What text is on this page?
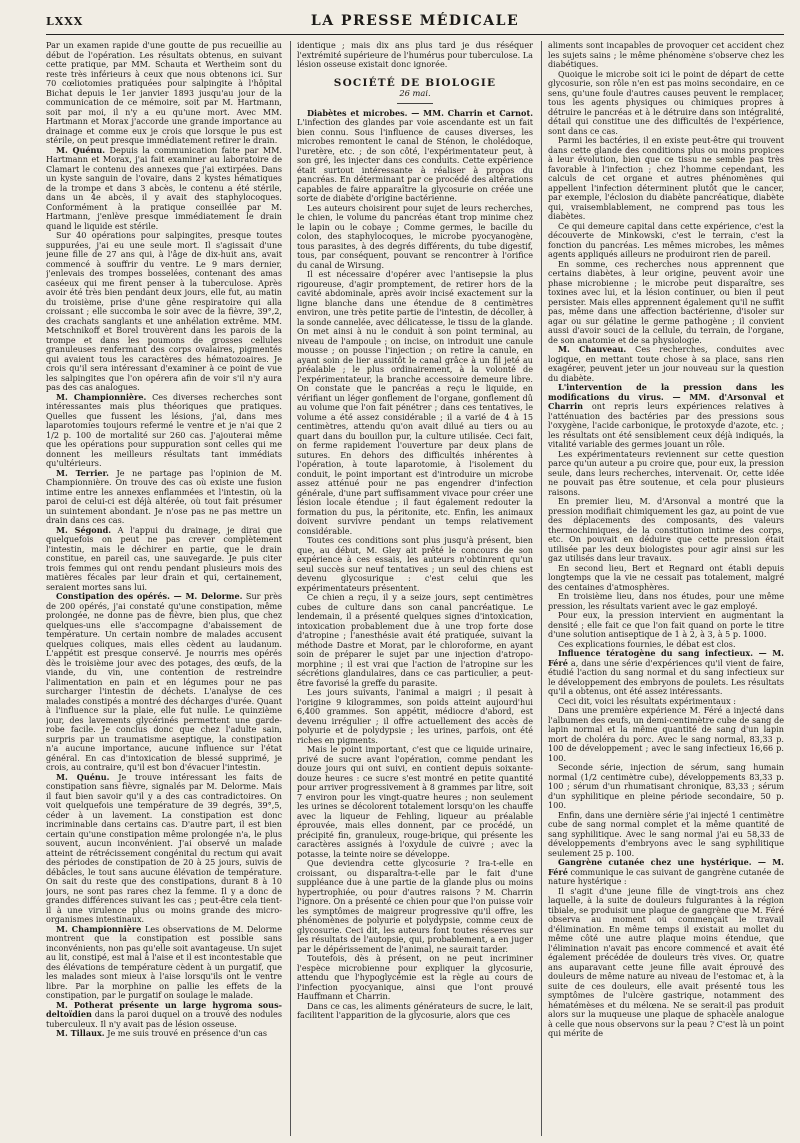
LXXX	LA PRESSE MÉDICALE

Par un examen rapide d'une goutte de pus recueillie au début de l'opération. Les résultats obtenus, en suivant cette pratique, par MM. Schauta et Wertheim sont du reste très inférieurs à ceux que nous obtenons ici. Sur 70 cœliotomies pratiquées pour salpingite à l'hôpital Bichat depuis le 1er janvier 1893 jusqu'au jour de la communication de ce mémoire, soit par M. Hartmann, soit par moi, il n'y a eu qu'une mort. Avec MM. Hartmann et Morax j'accorde une grande importance au drainage et comme eux je crois que lorsque le pus est stérile, on peut presque immédiatement retirer le drain.

M. Quénu. Depuis la communication faite par MM. Hartmann et Morax, j'ai fait examiner au laboratoire de Clamart le contenu des annexes que j'ai extirpées. Dans un kyste sanguin de l'ovaire, dans 2 kystes hématiques de la trompe et dans 3 abcès, le contenu a été stérile, dans un 4e abcès, il y avait des staphylocoques. Conformément à la pratique conseillée par M. Hartmann, j'enlève presque immédiatement le drain quand le liquide est stérile.

Sur 40 opérations pour salpingites, presque toutes suppurées, j'ai eu une seule mort. Il s'agissait d'une jeune fille de 27 ans qui, à l'âge de dix-huit ans, avait commencé à souffrir du ventre. Le 9 mars dernier, j'enlevais des trompes bosselées, contenant des amas caséeux qui me firent penser à la tuberculose. Après avoir été très bien pendant deux jours, elle fut, au matin du troisième, prise d'une gêne respiratoire qui alla croissant ; elle succomba le soir avec de la fièvre, 39°,2, des crachats sanglants et une anhélation extrême. MM. Metschnikoff et Borel trouvèrent dans les parois de la trompe et dans les poumons de grosses cellules granuleuses renfermant des corps ovalaires, pigmentés qui avaient tous les caractères des hématozoaires. Je crois qu'il sera intéressant d'examiner à ce point de vue les salpingites que l'on opérera afin de voir s'il n'y aura pas des cas analogues.

M. Championnière. Ces diverses recherches sont intéressantes mais plus théoriques que pratiques. Quelles que fussent les lésions, j'ai, dans mes laparotomies toujours refermé le ventre et je n'ai que 2 1/2 p. 100 de mortalité sur 260 cas. J'ajouterai même que les opérations pour suppuration sont celles qui me donnent les meilleurs résultats tant immédiats qu'ultérieurs.

M. Terrier. Je ne partage pas l'opinion de M. Championnière. On trouve des cas où existe une fusion intime entre les annexes enflammées et l'intestin, où la paroi de celui-ci est déjà altérée, où tout fait présumer un suintement abondant. Je n'ose pas ne pas mettre un drain dans ces cas.

M. Ségond. A l'appui du drainage, je dirai que quelquefois on peut ne pas crever complètement l'intestin, mais le déchirer en partie, que le drain constitue, en pareil cas, une sauvegarde. Je puis citer trois femmes qui ont rendu pendant plusieurs mois des matières fécales par leur drain et qui, certainement, seraient mortes sans lui.

Constipation des opérés. — M. Delorme. Sur près de 200 opérés, j'ai constaté qu'une constipation, même prolongée, ne donne pas de fièvre, bien plus, que chez quelques-uns elle s'accompagne d'abaissement de température. Un certain nombre de malades accusent quelques coliques, mais elles cèdent au laudanum. L'appétit est presque conservé. Je nourris mes opérés dès le troisième jour avec des potages, des œufs, de la viande, du vin, une contention de restreindre l'alimentation en pain et en légumes pour ne pas surcharger l'intestin de déchets. L'analyse de ces malades constipés a montré des décharges d'urée. Quant à l'influence sur la plaie, elle fut nulle. Le quinzième jour, des lavements glycérinés permettent une garde-robe facile. Je conclus donc que chez l'adulte sain, surpris par un traumatisme aseptique, la constipation n'a aucune importance, aucune influence sur l'état général. En cas d'intoxication de blessé supprimé, je crois, au contraire, qu'il est bon d'évacuer l'intestin.

M. Quénu. Je trouve intéressant les faits de constipation sans fièvre, signalés par M. Delorme. Mais il faut bien savoir qu'il y a des cas contradictoires. On voit quelquefois une température de 39 degrés, 39°,5, céder à un lavement. La constipation est donc incriminable dans certains cas. D'autre part, il est bien certain qu'une constipation même prolongée n'a, le plus souvent, aucun inconvénient. J'ai observé un malade atteint de rétrécissement congénital du rectum qui avait des périodes de constipation de 20 à 25 jours, suivis de débâcles, le tout sans aucune élévation de température. On sait du reste que des constipations, durant 8 à 10 jours, ne sont pas rares chez la femme. Il y a donc de grandes différences suivant les cas ; peut-être cela tient-il à une virulence plus ou moins grande des micro-organismes intestinaux.

M. Championnière Les observations de M. Delorme montrent que la constipation est possible sans inconvénients, non pas qu'elle soit avantageuse. Un sujet au lit, constipé, est mal à l'aise et il est incontestable que des élévations de température cèdent à un purgatif, que les malades sont mieux à l'aise lorsqu'ils ont le ventre libre. Par la morphine on pallie les effets de la constipation, par le purgatif on soulage le malade.

M. Potherat présente un large hygroma sous-deltoïdien dans la paroi duquel on a trouvé des nodules tuberculeux. Il n'y avait pas de lésion osseuse.

M. Tillaux. Je me suis trouvé en présence d'un cas

identique ; mais dix ans plus tard je dus réséquer l'extrémité supérieure de l'humérus pour tuberculose. La lésion osseuse existait donc ignorée.

SOCIÉTÉ DE BIOLOGIE
26 mai.

Diabètes et microbes. — MM. Charrin et Carnot. L'infection des glandes par voie ascendante est un fait bien connu. Sous l'influence de causes diverses, les microbes remontent le canal de Sténon, le cholédoque, l'uretère, etc. ; de son côté, l'expérimentateur peut, à son gré, les injecter dans ces conduits. Cette expérience était surtout intéressante à réaliser à propos du pancréas. En déterminant par ce procédé des altérations capables de faire apparaître la glycosurie on créée une sorte de diabète d'origine bactérienne.

Les auteurs choisirent pour sujet de leurs recherches, le chien, le volume du pancréas étant trop minime chez le lapin ou le cobaye ; Comme germes, le bacille du colon, des staphylocoques, le microbe pyocyanogène, tous parasites, à des degrés différents, du tube digestif, tous, par conséquent, pouvant se rencontrer à l'orifice du canal de Wirsung.

Il est nécessaire d'opérer avec l'antisepsie la plus rigoureuse, d'agir promptement, de retirer hors de la cavité abdominale, après avoir incisé exactement sur la ligne blanche dans une étendue de 8 centimètres environ, une très petite partie de l'intestin, de décoller, à la sonde cannelée, avec délicatesse, le tissu de la glande. On met ainsi à nu le conduit à son point terminal, au niveau de l'ampoule ; on incise, on introduit une canule mousse ; on pousse l'injection ; on retire la canule, en ayant soin de lier aussitôt le canal grâce à un fil jeté au préalable ; le plus ordinairement, à la volonté de l'expérimentateur, la branche accessoire demeure libre. On constate que le pancréas a reçu le liquide, en vérifiant un léger gonflement de l'organe, gonflement dû au volume que l'on fait pénétrer ; dans ces tentatives, le volume a été assez considérable ; il a varié de 4 à 15 centimètres, attendu qu'on avait dilué au tiers ou au quart dans du bouillon pur, la culture utilisée. Ceci fait, on ferme rapidement l'ouverture par deux plans de sutures. En dehors des difficultés inhérentes à l'opération, à toute laparotomie, à l'isolement du conduit, le point important est d'introduire un microbe assez atténué pour ne pas engendrer d'infection générale, d'une part suffisamment vivace pour créer une lésion locale étendue ; il faut également redouter la formation du pus, la péritonite, etc. Enfin, les animaux doivent survivre pendant un temps relativement considérable.

Toutes ces conditions sont plus jusqu'à présent, bien que, au début, M. Gley ait prêté le concours de son expérience à ces essais, les auteurs n'obtinrent qu'un seul succès sur neuf tentatives ; un seul des chiens est devenu glycosurique : c'est celui que les expérimentateurs présentent.

Ce chien a reçu, il y a seize jours, sept centimètres cubes de culture dans son canal pancréatique. Le lendemain, il a présenté quelques signes d'intoxication, intoxication probablement due à une trop forte dose d'atropine ; l'anesthésie avait été pratiquée, suivant la méthode Dastre et Morat, par le chloroforme, en ayant soin de préparer le sujet par une injection d'atropo-morphine ; il est vrai que l'action de l'atropine sur les sécrétions glandulaires, dans ce cas particulier, a peut-être favorisé la greffe du parasite.

Les jours suivants, l'animal a maigri ; il pesait à l'origine 9 kilogrammes, son poids atteint aujourd'hui 6,400 grammes. Son appétit, médiocre d'abord, est devenu irrégulier ; il offre actuellement des accès de polyurie et de polydypsie ; les urines, parfois, ont été riches en pigments.

Mais le point important, c'est que ce liquide urinaire, privé de sucre avant l'opération, comme pendant les douze jours qui ont suivi, en contient depuis soixante-douze heures : ce sucre s'est montré en petite quantité pour arriver progressivement à 8 grammes par litre, soit 7 environ pour les vingt-quatre heures ; non seulement les urines se décolorent totalement lorsqu'on les chauffe avec la liqueur de Fehling, liqueur au préalable éprouvée, mais elles donnent, par ce procédé, un précipité fin, granuleux, rouge-brique, qui présente les caractères assignés à l'oxydule de cuivre ; avec la potasse, la teinte noire se développe.

Que deviendra cette glycosurie ? Ira-t-elle en croissant, ou disparaîtra-t-elle par le fait d'une suppléance due à une partie de la glande plus ou moins hypertrophiée, ou pour d'autres raisons ? M. Charrin l'ignore. On a présenté ce chien pour que l'on puisse voir les symptômes de maigreur progressive qu'il offre, les phénomènes de polyurie et polydypsie, comme ceux de glycosurie. Ceci dit, les auteurs font toutes réserves sur les résultats de l'autopsie, qui, probablement, a en juger par le dépérissement de l'animal, ne saurait tarder.

Toutefois, dès à présent, on ne peut incriminer l'espèce microbienne pour expliquer la glycosurie, attendu que l'hypoglycémie est la règle au cours de l'infection pyocyanique, ainsi que l'ont prouvé Hauffmann et Charrin.

Dans ce cas, les aliments générateurs de sucre, le lait, facilitent l'apparition de la glycosurie, alors que ces

aliments sont incapables de provoquer cet accident chez les sujets sains ; le même phénomène s'observe chez les diabétiques.

Quoique le microbe soit ici le point de départ de cette glycosurie, son rôle n'en est pas moins secondaire, en ce sens, qu'une foule d'autres causes peuvent le remplacer, tous les agents physiques ou chimiques propres à détruire le pancréas et à le détruire dans son intégralité, détail qui constitue une des difficultés de l'expérience, sont dans ce cas.

Parmi les bactéries, il en existe peut-être qui trouvent dans cette glande des conditions plus ou moins propices à leur évolution, bien que ce tissu ne semble pas très favorable à l'infection ; chez l'homme cependant, les calculs de cet organe et autres phénomènes qui appellent l'infection déterminent plutôt que le cancer, par exemple, l'éclosion du diabète pancréatique, diabète qui, vraisemblablement, ne comprend pas tous les diabètes.

Ce qui demeure capital dans cette expérience, c'est la découverte de Minkowski, c'est le terrain, c'est la fonction du pancréas. Les mêmes microbes, les mêmes agents appliqués ailleurs ne produiront rien de pareil.

En somme, ces recherches nous apprennent que certains diabètes, à leur origine, peuvent avoir une phase microbienne ; le microbe peut disparaître, ses toxines avec lui, et la lésion continuer, ou bien il peut persister. Mais elles apprennent également qu'il ne suffit pas, même dans une affection bactérienne, d'isoler sur agar ou sur gélatine le germe pathogène ; il convient aussi d'avoir souci de la cellule, du terrain, de l'organe, de son anatomie et de sa physiologie.

M. Chauveau. Ces recherches, conduites avec logique, en mettant toute chose à sa place, sans rien exagérer, peuvent jeter un jour nouveau sur la question du diabète.

L'intervention de la pression dans les modifications du virus. — MM. d'Arsonval et Charrin ont repris leurs expériences relatives à l'atténuation des bactéries par des pressions sous l'oxygène, l'acide carbonique, le protoxyde d'azote, etc. ; les résultats ont été sensiblement ceux déjà indiqués, la vitalité variable des germes jouant un rôle.

Les expérimentateurs reviennent sur cette question parce qu'un auteur a pu croire que, pour eux, la pression seule, dans leurs recherches, intervenait. Or, cette idée ne pouvait pas être soutenue, et cela pour plusieurs raisons.

En premier lieu, M. d'Arsonval a montré que la pression modifiait chimiquement les gaz, au point de vue des déplacements des composants, des valeurs thermochimiques, de la constitution intime des corps, etc. On pouvait en déduire que cette pression était utilisée par les deux biologistes pour agir ainsi sur les gaz utilisés dans leur travaux.

En second lieu, Bert et Regnard ont établi depuis longtemps que la vie ne cessait pas totalement, malgré des centaines d'atmosphères.

En troisième lieu, dans nos études, pour une même pression, les résultats varient avec le gaz employé.

Pour eux, la pression intervient en augmentant la densité ; elle fait ce que l'on fait quand on porte le titre d'une solution antiseptique de 1 à 2, à 3, à 5 p. 1000.

Ces explications fournies, le débat est clos.

Influence tératogène du sang infectieux. — M. Féré a, dans une série d'expériences qu'il vient de faire, étudié l'action du sang normal et du sang infectieux sur le développement des embryons de poulets. Les résultats qu'il a obtenus, ont été assez intéressants.

Ceci dit, voici les résultats expérimentaux :

Dans une première expérience M. Féré a injecté dans l'albumen des œufs, un demi-centimètre cube de sang de lapin normal et la même quantité de sang d'un lapin mort de choléra du porc. Avec le sang normal, 83,33 p. 100 de développement ; avec le sang infectieux 16,66 p. 100.

Seconde série, injection de sérum, sang humain normal (1/2 centimètre cube), développements 83,33 p. 100 ; sérum d'un rhumatisant chronique, 83,33 ; sérum d'un syphilitique en pleine période secondaire, 50 p. 100.

Enfin, dans une dernière série j'ai injecté 1 centimètre cube de sang normal complet et la même quantité de sang syphilitique. Avec le sang normal j'ai eu 58,33 de développements d'embryons avec le sang syphilitique seulement 25 p. 100.

Gangrène cutanée chez une hystérique. — M. Féré communique le cas suivant de gangrène cutanée de nature hystérique :

Il s'agit d'une jeune fille de vingt-trois ans chez laquelle, à la suite de douleurs fulgurantes à la région tibiale, se produisit une plaque de gangrène que M. Féré observa au moment où commençait le travail d'élimination. En même temps il existait au mollet du même côté une autre plaque moins étendue, que l'élimination n'avait pas encore commencé et avait été également précédée de douleurs très vives. Or, quatre ans auparavant cette jeune fille avait éprouvé des douleurs de même nature au niveau de l'estomac et, à la suite de ces douleurs, elle avait présenté tous les symptômes de l'ulcère gastrique, notamment des hématémèses et du mélœna. Ne se serait-il pas produit alors sur la muqueuse une plaque de sphacèle analogue à celle que nous observons sur la peau ? C'est là un point qui mérite de
